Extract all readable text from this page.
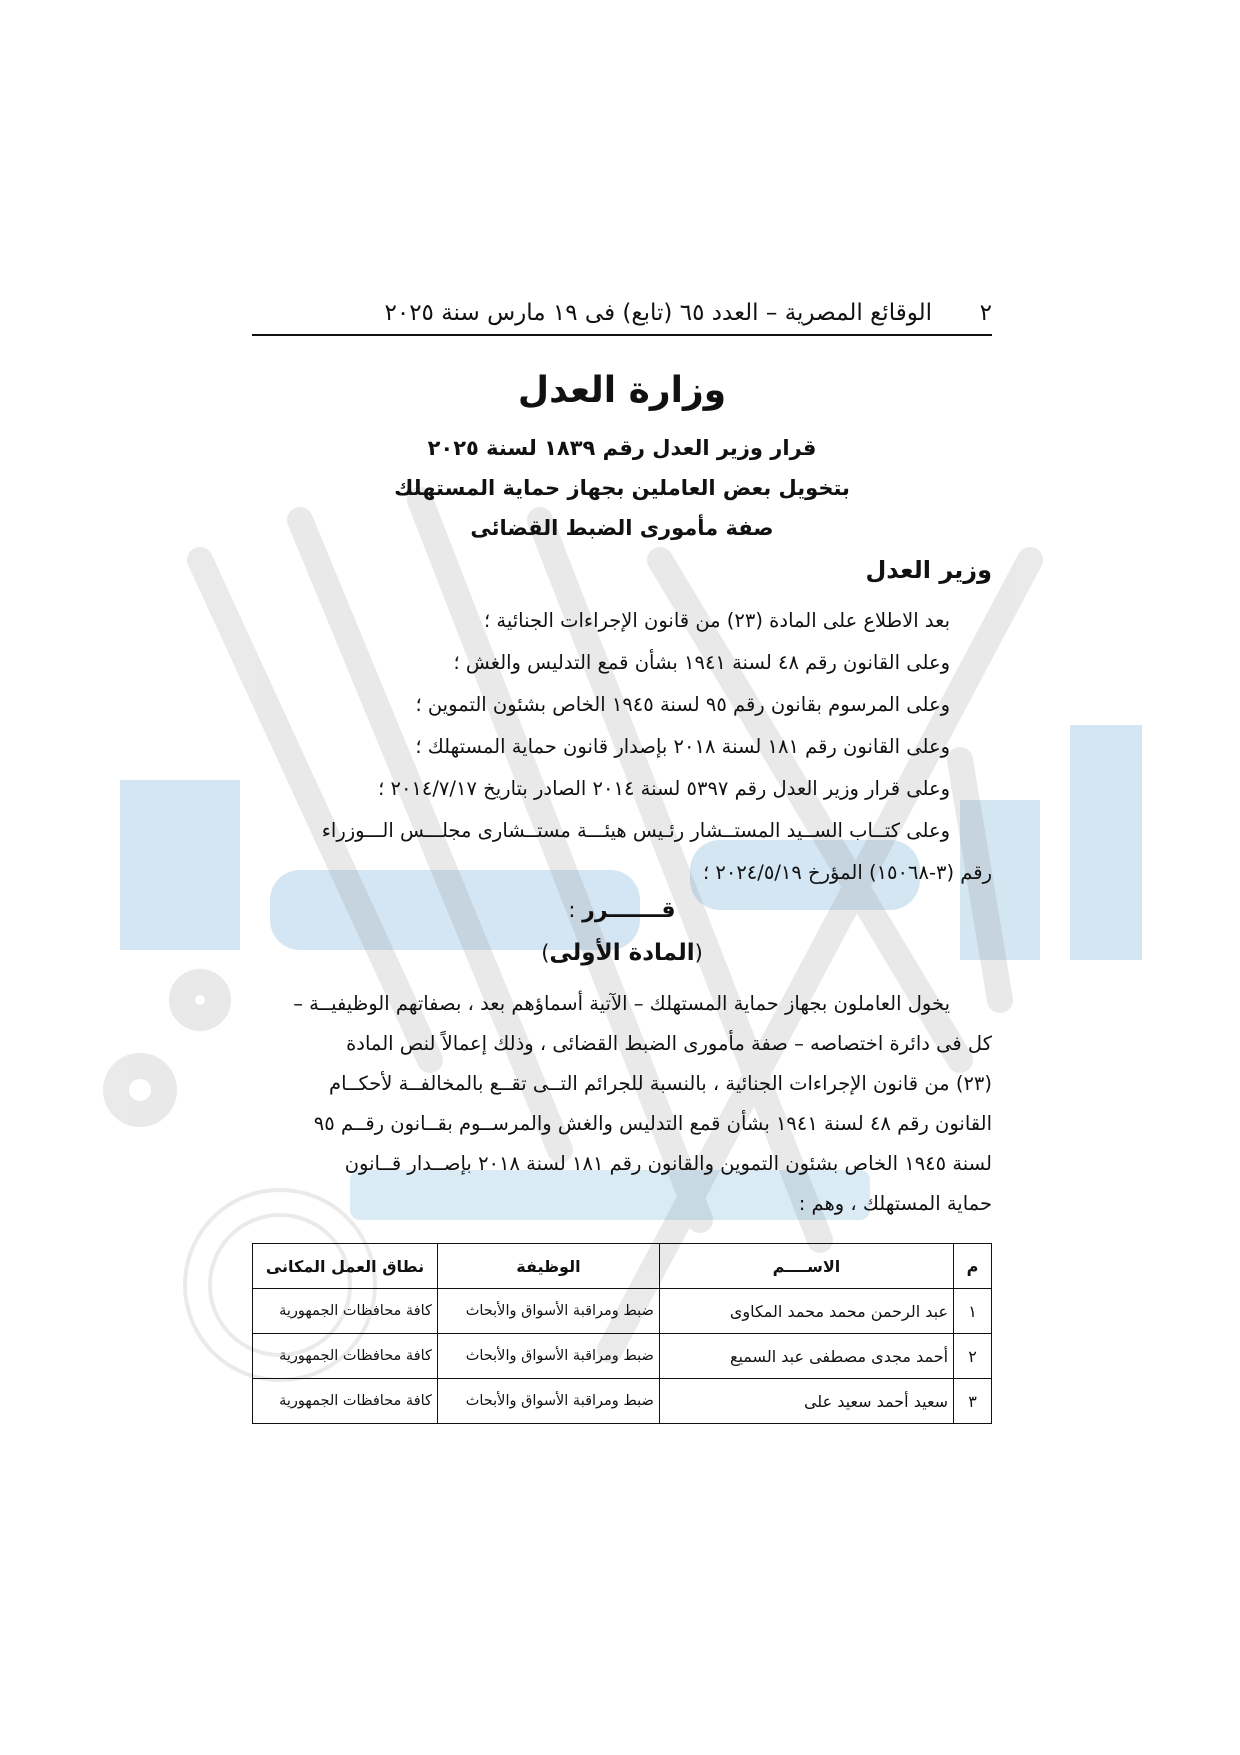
٢
الوقائع المصرية – العدد ٦٥ (تابع) فى ١٩ مارس سنة ٢٠٢٥
وزارة العدل
قرار وزير العدل رقم ١٨٣٩ لسنة ٢٠٢٥
بتخويل بعض العاملين بجهاز حماية المستهلك
صفة مأمورى الضبط القضائى
وزير العدل
بعد الاطلاع على المادة (٢٣) من قانون الإجراءات الجنائية ؛
وعلى القانون رقم ٤٨ لسنة ١٩٤١ بشأن قمع التدليس والغش ؛
وعلى المرسوم بقانون رقم ٩٥ لسنة ١٩٤٥ الخاص بشئون التموين ؛
وعلى القانون رقم ١٨١ لسنة ٢٠١٨ بإصدار قانون حماية المستهلك ؛
وعلى قرار وزير العدل رقم ٥٣٩٧ لسنة ٢٠١٤ الصادر بتاريخ ٢٠١٤/٧/١٧ ؛
وعلى كتــاب الســيد المستــشار رئـيس هيئـــة مستــشارى مجلـــس الـــوزراء
رقم (٣-١٥٠٦٨) المؤرخ ٢٠٢٤/٥/١٩ ؛
قـــــــرر :
(المادة الأولى)
يخول العاملون بجهاز حماية المستهلك – الآتية أسماؤهم بعد ، بصفاتهم الوظيفيــة –
كل فى دائرة اختصاصه – صفة مأمورى الضبط القضائى ، وذلك إعمالاً لنص المادة
(٢٣) من قانون الإجراءات الجنائية ، بالنسبة للجرائم التــى تقــع بالمخالفــة لأحكــام
القانون رقم ٤٨ لسنة ١٩٤١ بشأن قمع التدليس والغش والمرســوم بقــانون رقــم ٩٥
لسنة ١٩٤٥ الخاص بشئون التموين والقانون رقم ١٨١ لسنة ٢٠١٨ بإصــدار قــانون
حماية المستهلك ، وهم :
م	الاســــم	الوظيفة	نطاق العمل المكانى
١	عبد الرحمن محمد محمد المكاوى	ضبط ومراقبة الأسواق والأبحاث	كافة محافظات الجمهورية
٢	أحمد مجدى مصطفى عبد السميع	ضبط ومراقبة الأسواق والأبحاث	كافة محافظات الجمهورية
٣	سعيد أحمد سعيد على	ضبط ومراقبة الأسواق والأبحاث	كافة محافظات الجمهورية
